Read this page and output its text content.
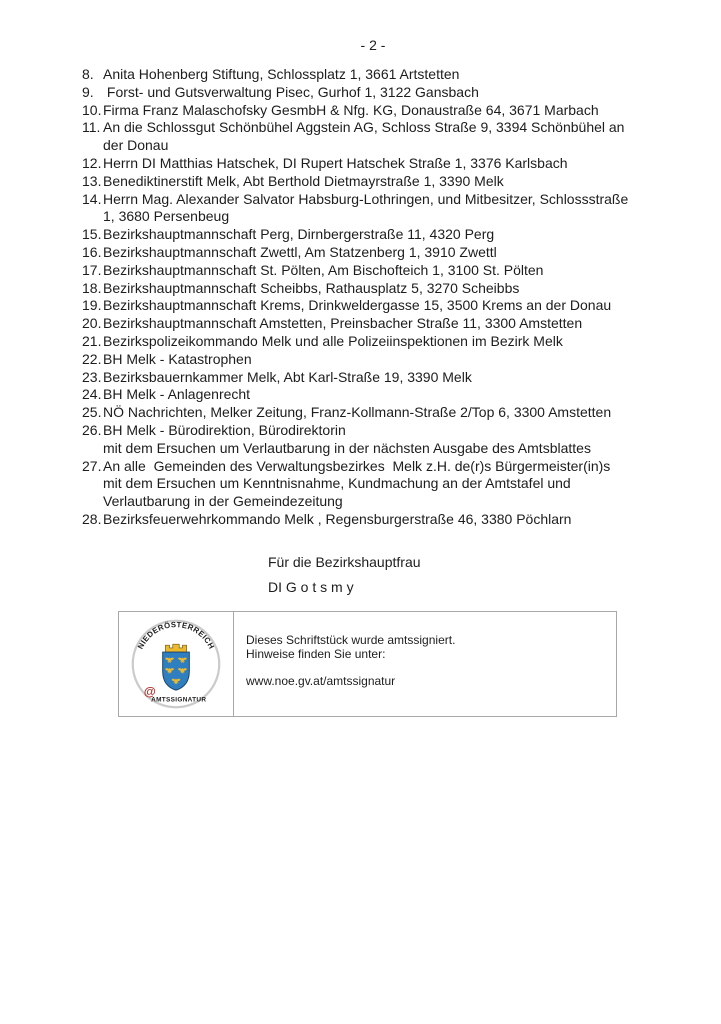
- 2 -
8. Anita Hohenberg Stiftung, Schlossplatz 1, 3661 Artstetten
9. Forst- und Gutsverwaltung Pisec, Gurhof 1, 3122 Gansbach
10. Firma Franz Malaschofsky GesmbH & Nfg. KG, Donaustraße 64, 3671 Marbach
11. An die Schlossgut Schönbühel Aggstein AG, Schloss Straße 9, 3394 Schönbühel an
der Donau
12. Herrn DI Matthias Hatschek, DI Rupert Hatschek Straße 1, 3376 Karlsbach
13. Benediktinerstift Melk, Abt Berthold Dietmayrstraße 1, 3390 Melk
14. Herrn Mag. Alexander Salvator Habsburg-Lothringen, und Mitbesitzer, Schlossstraße
1, 3680 Persenbeug
15. Bezirkshauptmannschaft Perg, Dirnbergerstraße 11, 4320 Perg
16. Bezirkshauptmannschaft Zwettl, Am Statzenberg 1, 3910 Zwettl
17. Bezirkshauptmannschaft St. Pölten, Am Bischofteich 1, 3100 St. Pölten
18. Bezirkshauptmannschaft Scheibbs, Rathausplatz 5, 3270 Scheibbs
19. Bezirkshauptmannschaft Krems, Drinkweldergasse 15, 3500 Krems an der Donau
20. Bezirkshauptmannschaft Amstetten, Preinsbacher Straße 11, 3300 Amstetten
21. Bezirkspolizeikommando Melk und alle Polizeiinspektionen im Bezirk Melk
22. BH Melk - Katastrophen
23. Bezirksbauernkammer Melk, Abt Karl-Straße 19, 3390 Melk
24. BH Melk - Anlagenrecht
25. NÖ Nachrichten, Melker Zeitung, Franz-Kollmann-Straße 2/Top 6, 3300 Amstetten
26. BH Melk - Bürodirektion, Bürodirektorin
mit dem Ersuchen um Verlautbarung in der nächsten Ausgabe des Amtsblattes
27. An alle  Gemeinden des Verwaltungsbezirkes  Melk z.H. de(r)s Bürgermeister(in)s
mit dem Ersuchen um Kenntnisnahme, Kundmachung an der Amtstafel und
Verlautbarung in der Gemeindezeitung
28. Bezirksfeuerwehrkommando Melk , Regensburgerstraße 46, 3380 Pöchlarn
Für die Bezirkshauptfrau
DI G o t s m y
NIEDERÖSTERREICH
@
AMTSSIGNATUR
Dieses Schriftstück wurde amtssigniert.
Hinweise finden Sie unter:
www.noe.gv.at/amtssignatur
